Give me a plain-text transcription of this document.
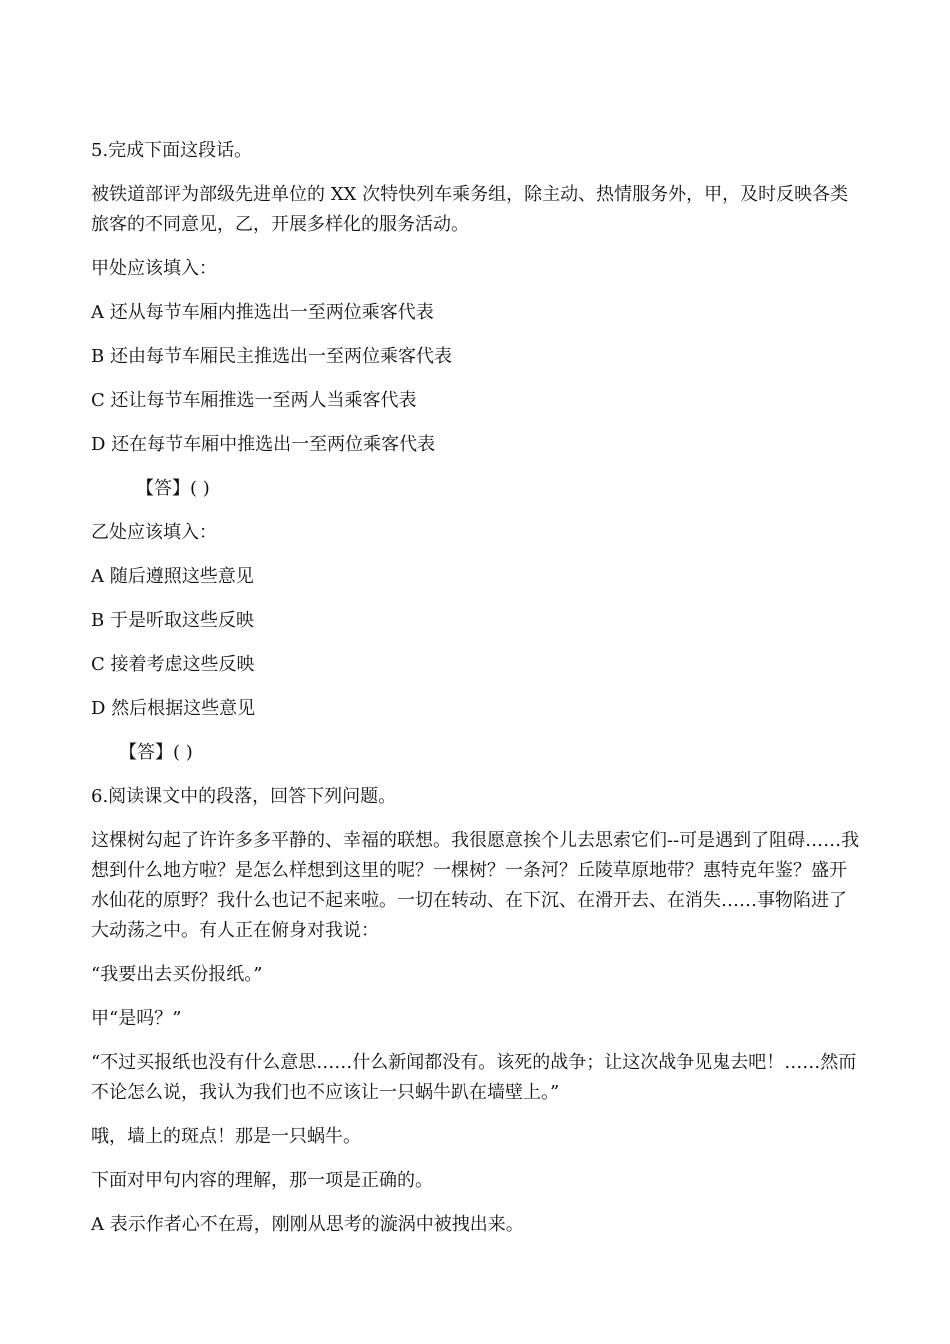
5.完成下面这段话。

被铁道部评为部级先进单位的 XX 次特快列车乘务组，除主动、热情服务外，甲，及时反映各类旅客的不同意见，乙，开展多样化的服务活动。

甲处应该填入：

A 还从每节车厢内推选出一至两位乘客代表

B 还由每节车厢民主推选出一至两位乘客代表

C 还让每节车厢推选一至两人当乘客代表

D 还在每节车厢中推选出一至两位乘客代表

【答】( )

乙处应该填入：

A 随后遵照这些意见

B 于是听取这些反映

C 接着考虑这些反映

D 然后根据这些意见

【答】( )

6.阅读课文中的段落，回答下列问题。

这棵树勾起了许许多多平静的、幸福的联想。我很愿意挨个儿去思索它们--可是遇到了阻碍……我想到什么地方啦？是怎么样想到这里的呢？一棵树？一条河？丘陵草原地带？惠特克年鉴？盛开水仙花的原野？我什么也记不起来啦。一切在转动、在下沉、在滑开去、在消失……事物陷进了大动荡之中。有人正在俯身对我说：

“我要出去买份报纸。”

甲“是吗？”

“不过买报纸也没有什么意思……什么新闻都没有。该死的战争；让这次战争见鬼去吧！……然而不论怎么说，我认为我们也不应该让一只蜗牛趴在墙壁上。”

哦，墙上的斑点！那是一只蜗牛。

下面对甲句内容的理解，那一项是正确的。

A 表示作者心不在焉，刚刚从思考的漩涡中被拽出来。
